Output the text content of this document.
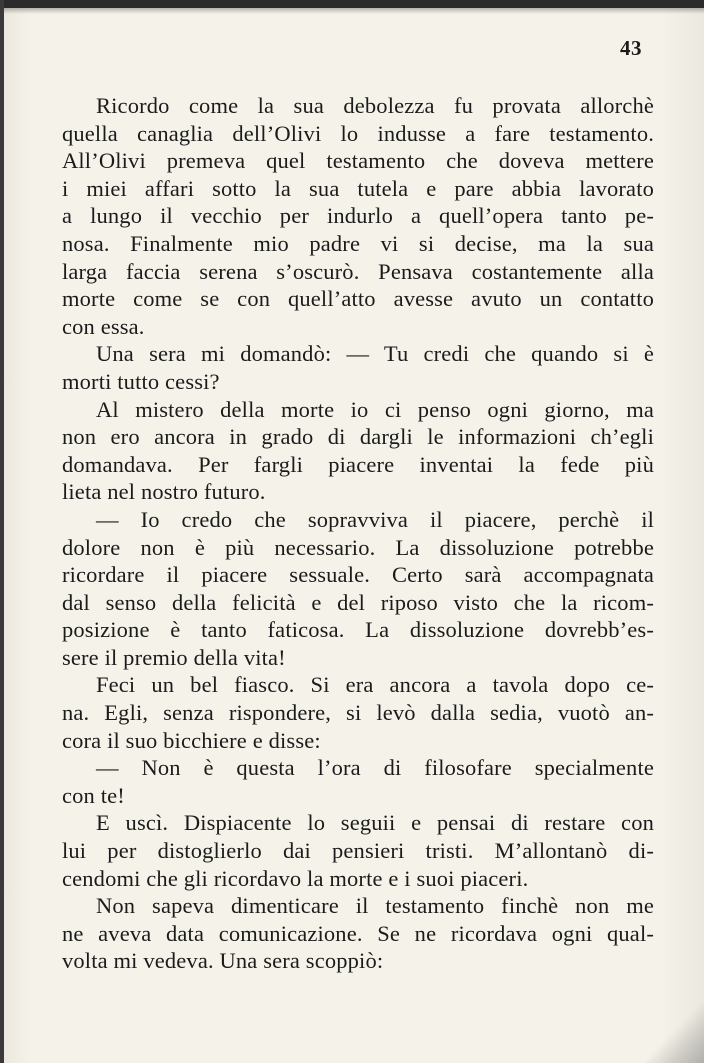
43
Ricordo come la sua debolezza fu provata allorchè
quella canaglia dell’Olivi lo indusse a fare testamento.
All’Olivi premeva quel testamento che doveva mettere
i miei affari sotto la sua tutela e pare abbia lavorato
a lungo il vecchio per indurlo a quell’opera tanto pe-
nosa. Finalmente mio padre vi si decise, ma la sua
larga faccia serena s’oscurò. Pensava costantemente alla
morte come se con quell’atto avesse avuto un contatto
con essa.
Una sera mi domandò: — Tu credi che quando si è
morti tutto cessi?
Al mistero della morte io ci penso ogni giorno, ma
non ero ancora in grado di dargli le informazioni ch’egli
domandava. Per fargli piacere inventai la fede più
lieta nel nostro futuro.
— Io credo che sopravviva il piacere, perchè il
dolore non è più necessario. La dissoluzione potrebbe
ricordare il piacere sessuale. Certo sarà accompagnata
dal senso della felicità e del riposo visto che la ricom-
posizione è tanto faticosa. La dissoluzione dovrebb’es-
sere il premio della vita!
Feci un bel fiasco. Si era ancora a tavola dopo ce-
na. Egli, senza rispondere, si levò dalla sedia, vuotò an-
cora il suo bicchiere e disse:
— Non è questa l’ora di filosofare specialmente
con te!
E uscì. Dispiacente lo seguii e pensai di restare con
lui per distoglierlo dai pensieri tristi. M’allontanò di-
cendomi che gli ricordavo la morte e i suoi piaceri.
Non sapeva dimenticare il testamento finchè non me
ne aveva data comunicazione. Se ne ricordava ogni qual-
volta mi vedeva. Una sera scoppiò:
